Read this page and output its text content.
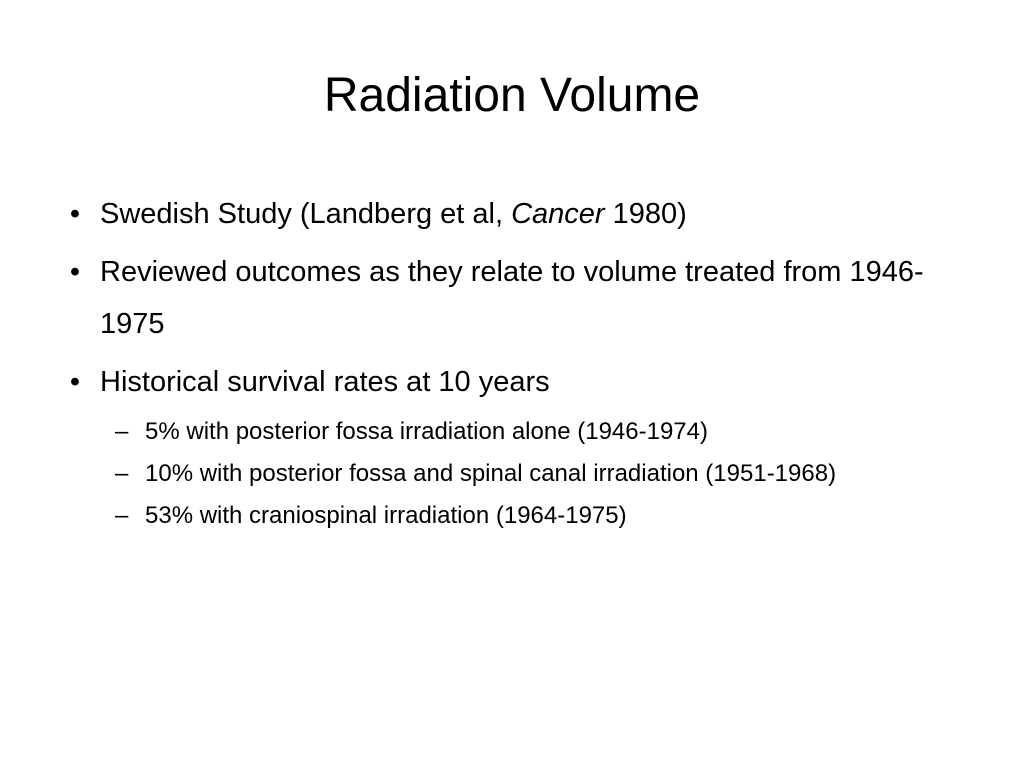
Radiation Volume
• Swedish Study (Landberg et al, Cancer 1980)
• Reviewed outcomes as they relate to volume treated from 1946-1975
• Historical survival rates at 10 years
– 5% with posterior fossa irradiation alone (1946-1974)
– 10% with posterior fossa and spinal canal irradiation (1951-1968)
– 53% with craniospinal irradiation (1964-1975)
